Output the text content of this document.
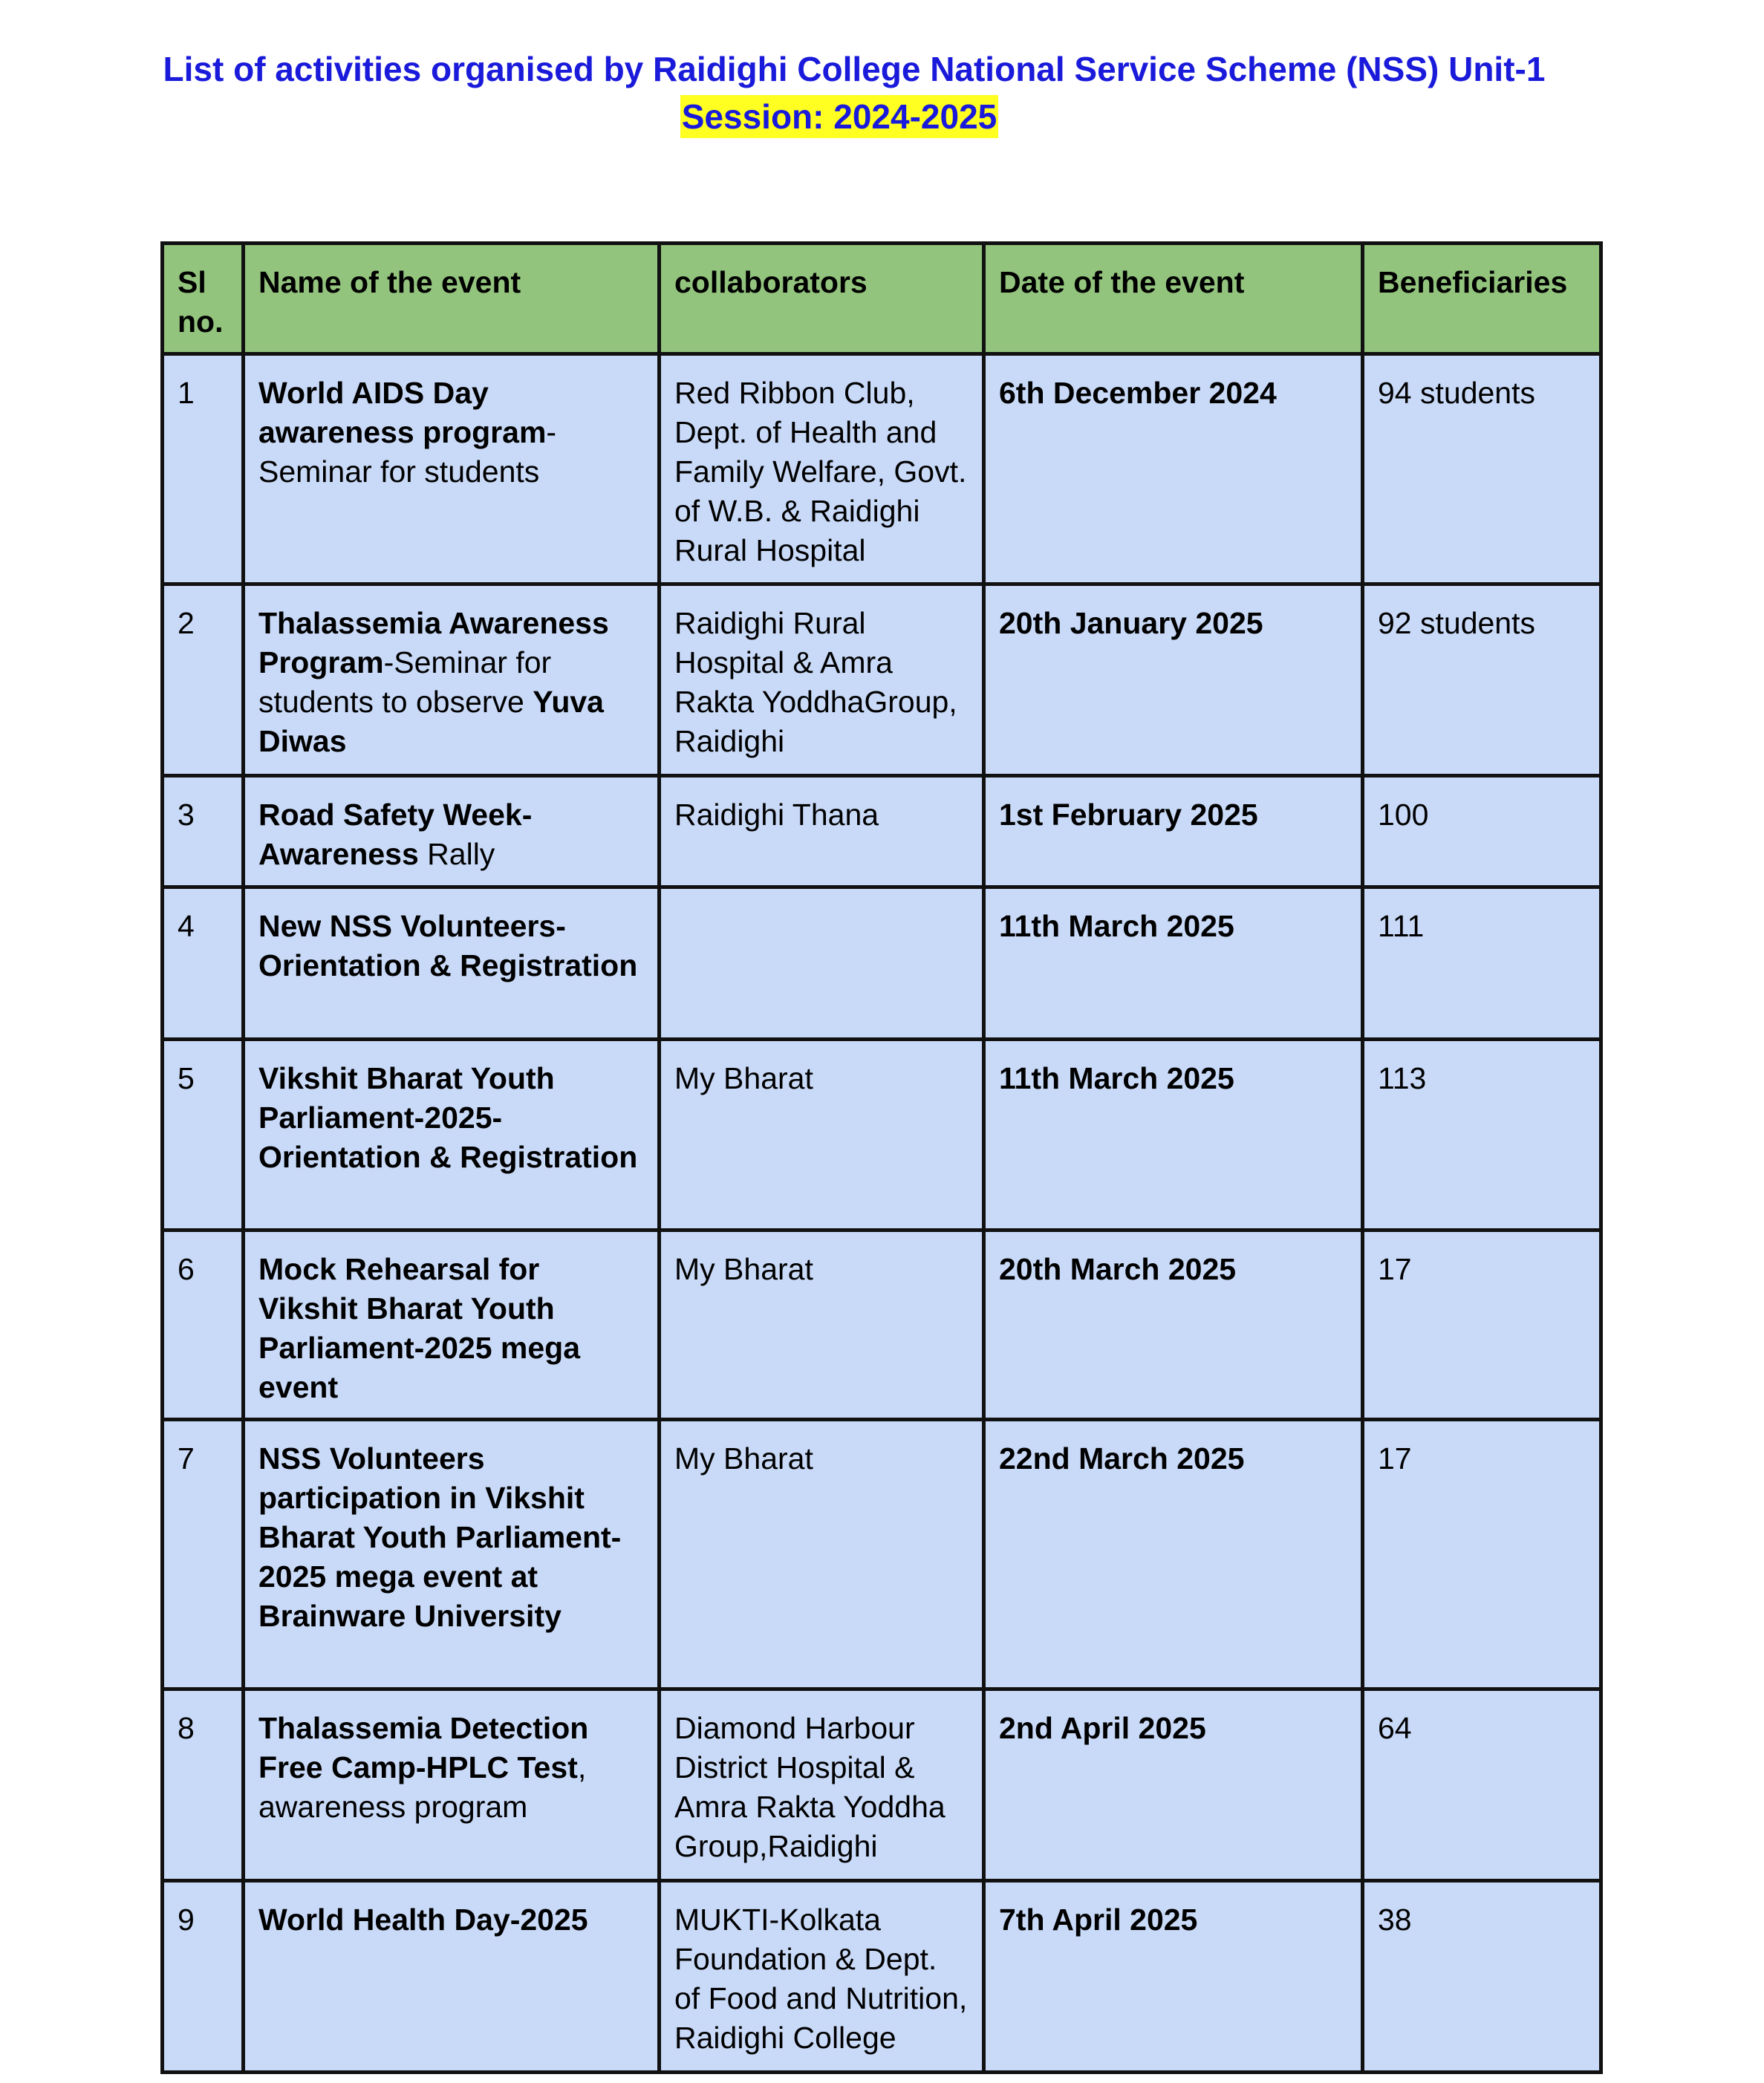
List of activities organised by Raidighi College National Service Scheme (NSS) Unit-1
Session: 2024-2025
Sl no.	Name of the event	collaborators	Date of the event	Beneficiaries
1	World AIDS Day awareness program-Seminar for students	Red Ribbon Club, Dept. of Health and Family Welfare, Govt. of W.B. & Raidighi Rural Hospital	6th December 2024	94 students
2	Thalassemia Awareness Program-Seminar for students to observe Yuva Diwas	Raidighi Rural Hospital & Amra Rakta YoddhaGroup, Raidighi	20th January 2025	92 students
3	Road Safety Week-Awareness Rally	Raidighi Thana	1st February 2025	100
4	New NSS Volunteers-Orientation & Registration		11th March 2025	111
5	Vikshit Bharat Youth Parliament-2025-Orientation & Registration	My Bharat	11th March 2025	113
6	Mock Rehearsal for Vikshit Bharat Youth Parliament-2025 mega event	My Bharat	20th March 2025	17
7	NSS Volunteers participation in Vikshit Bharat Youth Parliament-2025 mega event at Brainware University	My Bharat	22nd March 2025	17
8	Thalassemia Detection Free Camp-HPLC Test, awareness program	Diamond Harbour District Hospital & Amra Rakta Yoddha Group,Raidighi	2nd April 2025	64
9	World Health Day-2025	MUKTI-Kolkata Foundation & Dept. of Food and Nutrition, Raidighi College	7th April 2025	38
